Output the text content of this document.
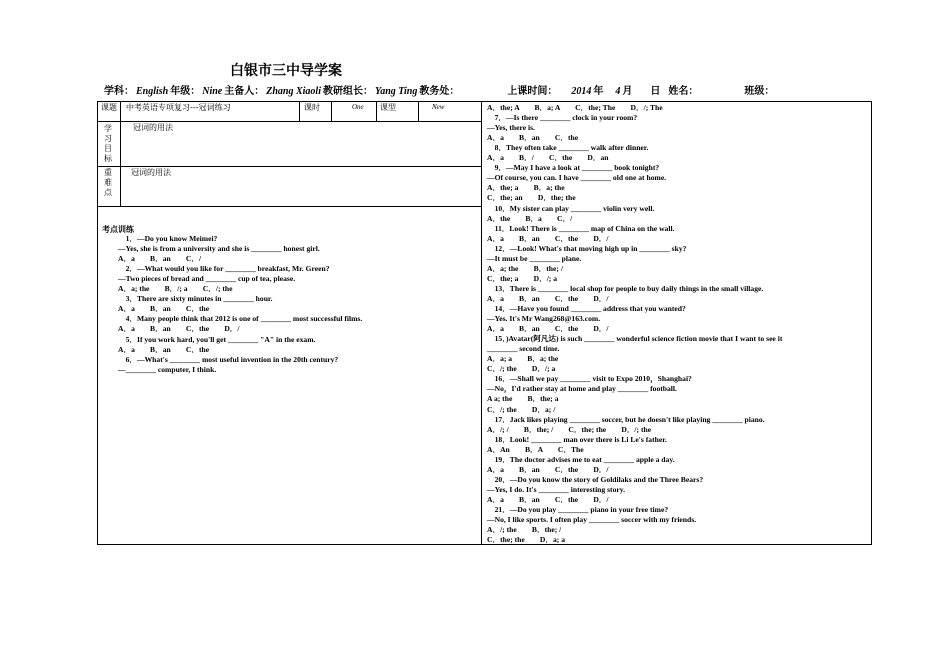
白银市三中导学案
学科： English 年级： Nine 主备人： Zhang Xiaoli 教研组长： Yang Ting 教务处：	上课时间： 2014 年 4 月 日 姓名：	班级：
课题 中考英语专项复习---冠词练习	课时	One 课型	New
学习目标
冠词的用法
重难点
冠词的用法
考点训练
1．—Do you know Meimei?
—Yes, she is from a university and she is ________ honest girl.
A．a        B．an        C．/
2．—What would you like for ________ breakfast, Mr. Green?
—Two pieces of bread and ________ cup of tea, please.
A．a; the        B．/; a        C．/; the
3．There are sixty minutes in ________ hour.
A．a        B．an        C．the
4．Many people think that 2012 is one of ________ most successful films.
A．a        B．an        C．the        D．/
5．If you work hard, you'll get ________ "A" in the exam.
A．a        B．an        C．the
6．—What's ________ most useful invention in the 20th century?
—________ computer, I think.
A．the; A        B．a; A        C．the; The        D．/; The
7．—Is there ________ clock in your room?
—Yes, there is.
A．a        B．an        C．the
8．They often take ________ walk after dinner.
A．a        B．/        C．the        D．an
9．—May I have a look at ________ book tonight?
—Of course, you can. I have ________ old one at home.
A．the; a        B．a; the
C．the; an        D．the; the
10．My sister can play ________ violin very well.
A．the        B．a        C．/
11．Look! There is ________ map of China on the wall.
A．a        B．an        C．the        D．/
12．—Look! What's that moving high up in ________ sky?
—It must be ________ plane.
A．a; the        B．the; /
C．the; a        D．/; a
13．There is ________ local shop for people to buy daily things in the small village.
A．a        B．an        C．the        D．/
14．—Have you found ________ address that you wanted?
—Yes. It's Mr Wang268@163.com.
A．a        B．an        C．the        D．/
15．)Avatar(阿凡达) is such ________ wonderful science fiction movie that I want to see it
________ second time.
A．a; a        B．a; the
C．/; the        D．/; a
16．—Shall we pay ________ visit to Expo 2010，Shanghai?
—No，I'd rather stay at home and play ________ football.
A a; the        B．the; a
C．/; the        D．a; /
17．Jack likes playing ________ soccer, but he doesn't like playing ________ piano.
A．/; /        B．the; /        C．the; the        D．/; the
18．Look! ________ man over there is Li Le's father.
A．An        B．A        C．The
19．The doctor advises me to eat ________ apple a day.
A．a        B．an        C．the        D．/
20．—Do you know the story of Goldilaks and the Three Bears?
—Yes, I do. It's ________ interesting story.
A．a        B．an        C．the        D．/
21．—Do you play ________ piano in your free time?
—No, I like sports. I often play ________ soccer with my friends.
A．/; the        B．the; /
C．the; the        D．a; a
